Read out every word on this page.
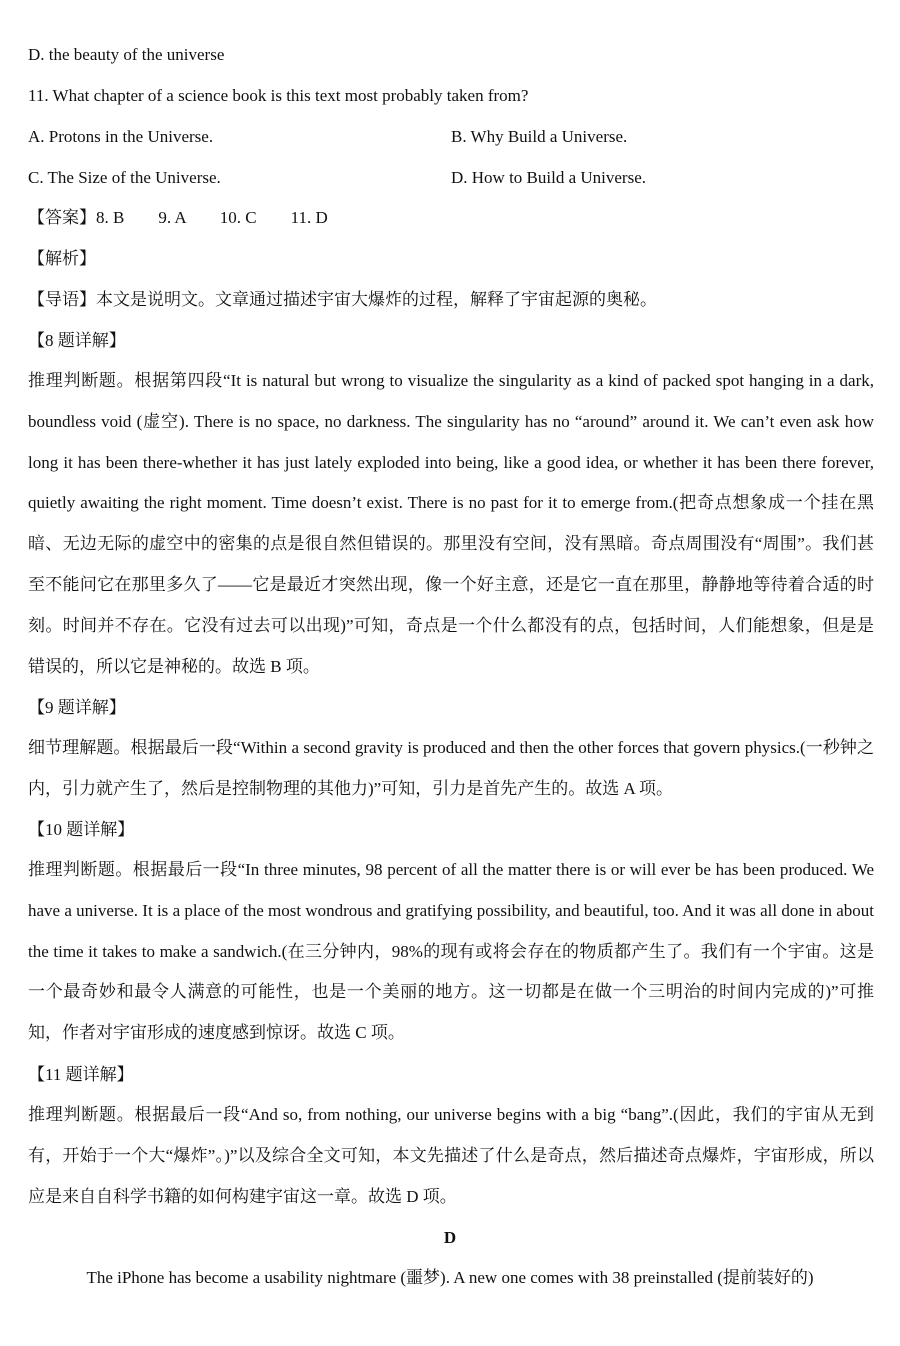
D. the beauty of the universe
11. What chapter of a science book is this text most probably taken from?
A. Protons in the Universe.	B. Why Build a Universe.
C. The Size of the Universe.	D. How to Build a Universe.
【答案】8. B　　9. A　　10. C　　11. D
【解析】
【导语】本文是说明文。文章通过描述宇宙大爆炸的过程，解释了宇宙起源的奥秘。
【8 题详解】
推理判断题。根据第四段“It is natural but wrong to visualize the singularity as a kind of packed spot hanging in a dark, boundless void (虚空). There is no space, no darkness. The singularity has no “around” around it. We can’t even ask how long it has been there-whether it has just lately exploded into being, like a good idea, or whether it has been there forever, quietly awaiting the right moment. Time doesn’t exist. There is no past for it to emerge from.(把奇点想象成一个挂在黑暗、无边无际的虚空中的密集的点是很自然但错误的。那里没有空间，没有黑暗。奇点周围没有“周围”。我们甚至不能问它在那里多久了——它是最近才突然出现，像一个好主意，还是它一直在那里，静静地等待着合适的时刻。时间并不存在。它没有过去可以出现)”可知，奇点是一个什么都没有的点，包括时间，人们能想象，但是是错误的，所以它是神秘的。故选 B 项。
【9 题详解】
细节理解题。根据最后一段“Within a second gravity is produced and then the other forces that govern physics.(一秒钟之内，引力就产生了，然后是控制物理的其他力)”可知，引力是首先产生的。故选 A 项。
【10 题详解】
推理判断题。根据最后一段“In three minutes, 98 percent of all the matter there is or will ever be has been produced. We have a universe. It is a place of the most wondrous and gratifying possibility, and beautiful, too. And it was all done in about the time it takes to make a sandwich.(在三分钟内，98%的现有或将会存在的物质都产生了。我们有一个宇宙。这是一个最奇妙和最令人满意的可能性，也是一个美丽的地方。这一切都是在做一个三明治的时间内完成的)”可推知，作者对宇宙形成的速度感到惊讶。故选 C 项。
【11 题详解】
推理判断题。根据最后一段“And so, from nothing, our universe begins with a big “bang”.(因此，我们的宇宙从无到有，开始于一个大“爆炸”。)”以及综合全文可知，本文先描述了什么是奇点，然后描述奇点爆炸，宇宙形成，所以应是来自自科学书籍的如何构建宇宙这一章。故选 D 项。
D
The iPhone has become a usability nightmare (噩梦). A new one comes with 38 preinstalled (提前装好的)
